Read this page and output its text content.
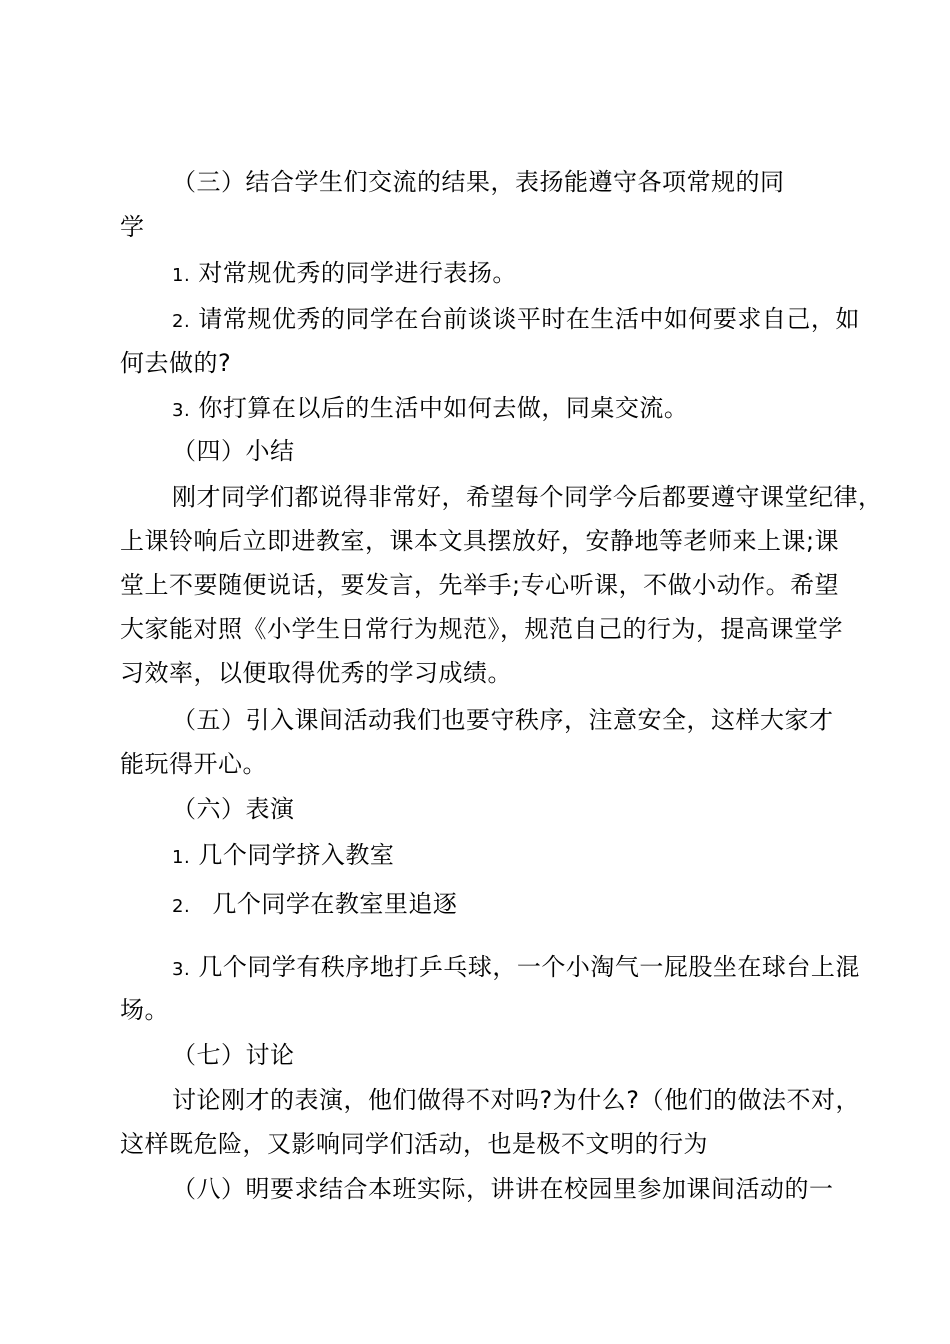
（三）结合学生们交流的结果，表扬能遵守各项常规的同
学
1. 对常规优秀的同学进行表扬。
2. 请常规优秀的同学在台前谈谈平时在生活中如何要求自己，如
何去做的?
3. 你打算在以后的生活中如何去做，同桌交流。
（四）小结
刚才同学们都说得非常好，希望每个同学今后都要遵守课堂纪律，
上课铃响后立即进教室，课本文具摆放好，安静地等老师来上课;课
堂上不要随便说话，要发言，先举手;专心听课，不做小动作。希望
大家能对照《小学生日常行为规范》，规范自己的行为，提高课堂学
习效率，以便取得优秀的学习成绩。
（五）引入课间活动我们也要守秩序，注意安全，这样大家才
能玩得开心。
（六）表演
1. 几个同学挤入教室
2. 几个同学在教室里追逐
3. 几个同学有秩序地打乒乓球，一个小淘气一屁股坐在球台上混
场。
（七）讨论
讨论刚才的表演，他们做得不对吗?为什么?（他们的做法不对，
这样既危险，又影响同学们活动，也是极不文明的行为
（八）明要求结合本班实际，讲讲在校园里参加课间活动的一
